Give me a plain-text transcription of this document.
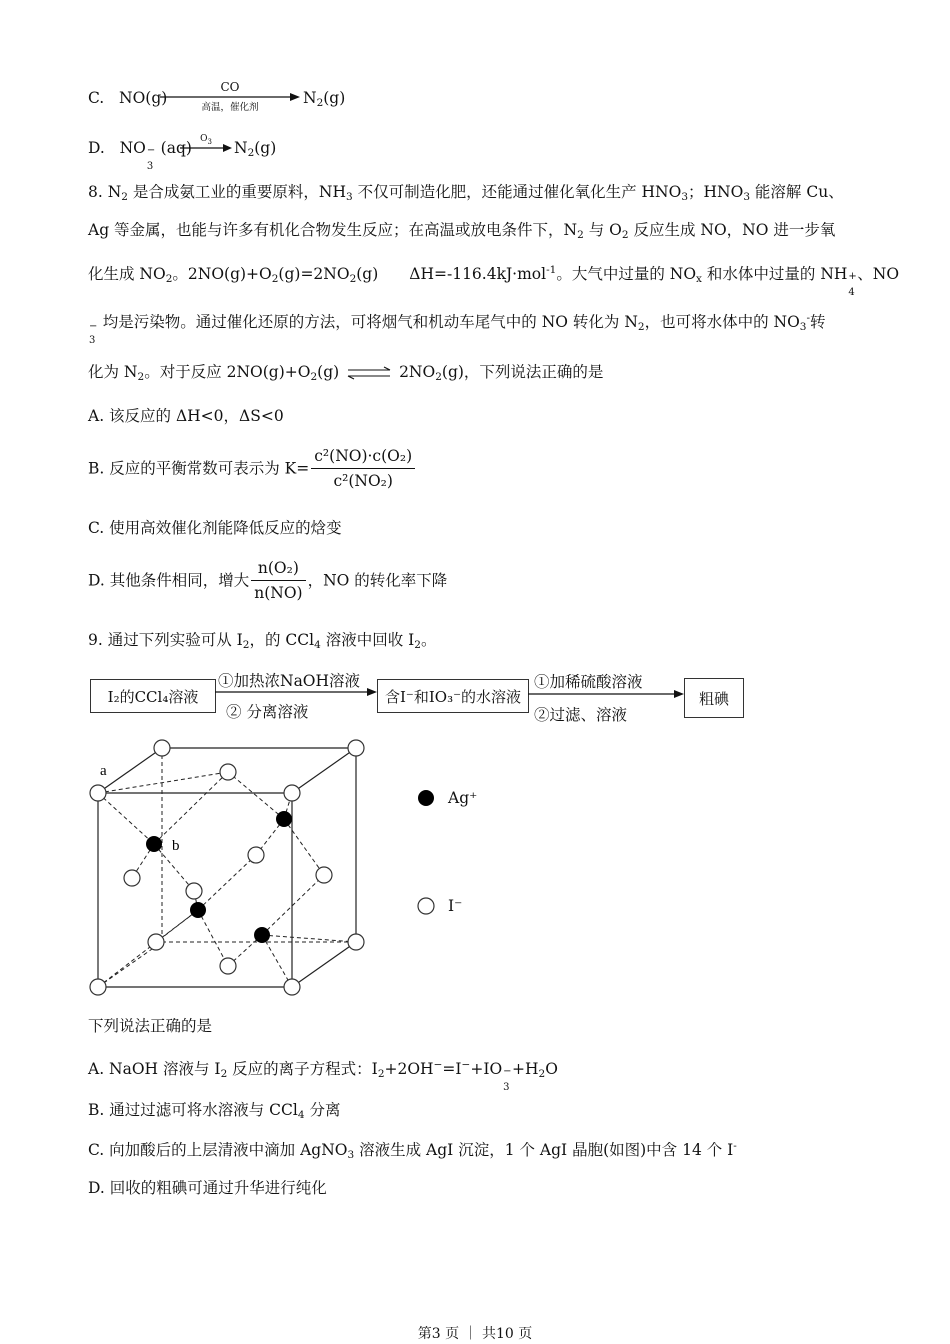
C. NO(g)
CO
高温，催化剂
$N_2(g)$
D. NO −
3
(aq) $O_3$	$N_2(g)$
8. $N_2$ 是合成氨工业的重要原料，$NH_3$ 不仅可制造化肥，还能通过催化氧化生产 $HNO_3$；$HNO_3$ 能溶解 Cu、
Ag 等金属，也能与许多有机化合物发生反应；在高温或放电条件下，$N_2$ 与 $O_2$ 反应生成 NO，NO 进一步氧
化生成 $NO_2$。$2NO(g)+O_2(g)=2NO_2(g)$　　ΔH=-116.4kJ·mol$^{-1}$。大气中过量的 $NO_x$ 和水体中过量的 NH +
4
、NO
−
3
均是污染物。通过催化还原的方法，可将烟气和机动车尾气中的 NO 转化为 $N_2$，也可将水体中的 $NO_3^-$转
化为 $N_2$。对于反应 $2NO(g)+O_2(g)$ ⇌ $2NO_2(g)$，下列说法正确的是
A. 该反应的 ΔH<0，ΔS<0
B. 反应的平衡常数可表示为 $K= \frac{\text{c²(NO)·c(O₂)}}{\text{c²(NO₂)}}$
C. 使用高效催化剂能降低反应的焓变
D. 其他条件相同，增大 $\frac{\text{n(O₂)}}{n(NO)}$ ，NO 的转化率下降
9. 通过下列实验可从 $I_2$，的 CCl$_4$ 溶液中回收 $I_2$。
I₂的CCl₄溶液
①加热浓NaOH溶液
② 分离溶液
含I⁻和IO₃⁻的水溶液
①加稀硫酸溶液
②过滤、溶液
粗碘
a
b
Ag⁺
I⁻
下列说法正确的是
A. NaOH 溶液与 $I_2$ 反应的离子方程式：$I_2+2OH^-=I^-+IO$ −
3
$+H_2O$
B. 通过过滤可将水溶液与 CCl$_4$ 分离
C. 向加酸后的上层清液中滴加 AgNO$_3$ 溶液生成 AgI 沉淀，1 个 AgI 晶胞(如图)中含 14 个 I-
D. 回收的粗碘可通过升华进行纯化
第3 页 ｜ 共10 页
